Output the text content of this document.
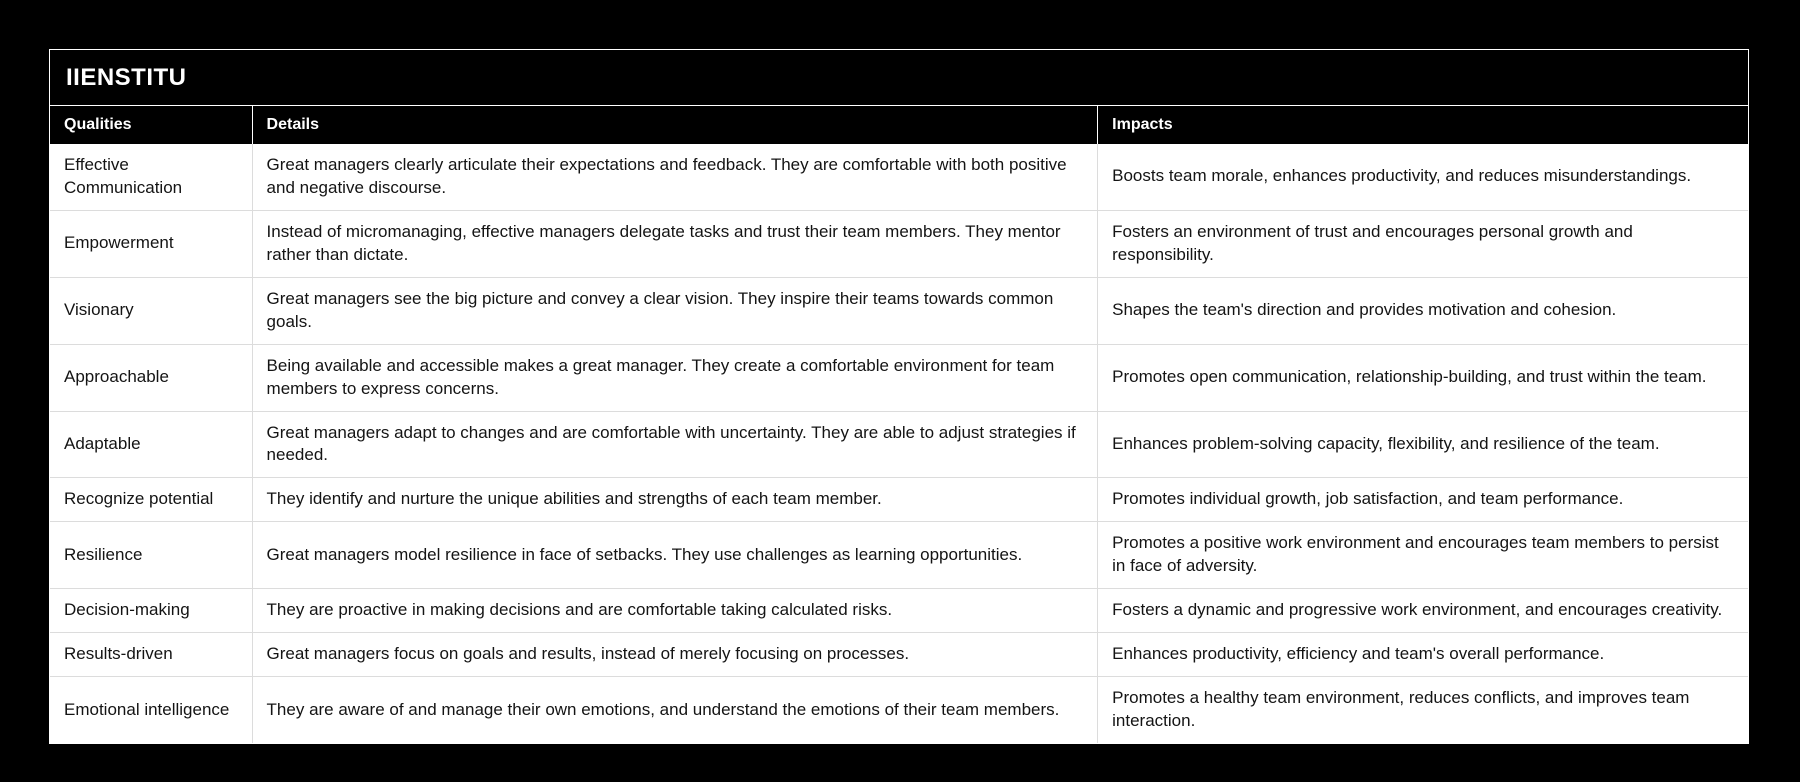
IIENSTITU
Qualities	Details	Impacts
Effective Communication	Great managers clearly articulate their expectations and feedback. They are comfortable with both positive and negative discourse.	Boosts team morale, enhances productivity, and reduces misunderstandings.
Empowerment	Instead of micromanaging, effective managers delegate tasks and trust their team members. They mentor rather than dictate.	Fosters an environment of trust and encourages personal growth and responsibility.
Visionary	Great managers see the big picture and convey a clear vision. They inspire their teams towards common goals.	Shapes the team's direction and provides motivation and cohesion.
Approachable	Being available and accessible makes a great manager. They create a comfortable environment for team members to express concerns.	Promotes open communication, relationship-building, and trust within the team.
Adaptable	Great managers adapt to changes and are comfortable with uncertainty. They are able to adjust strategies if needed.	Enhances problem-solving capacity, flexibility, and resilience of the team.
Recognize potential	They identify and nurture the unique abilities and strengths of each team member.	Promotes individual growth, job satisfaction, and team performance.
Resilience	Great managers model resilience in face of setbacks. They use challenges as learning opportunities.	Promotes a positive work environment and encourages team members to persist in face of adversity.
Decision-making	They are proactive in making decisions and are comfortable taking calculated risks.	Fosters a dynamic and progressive work environment, and encourages creativity.
Results-driven	Great managers focus on goals and results, instead of merely focusing on processes.	Enhances productivity, efficiency and team's overall performance.
Emotional intelligence	They are aware of and manage their own emotions, and understand the emotions of their team members.	Promotes a healthy team environment, reduces conflicts, and improves team interaction.
